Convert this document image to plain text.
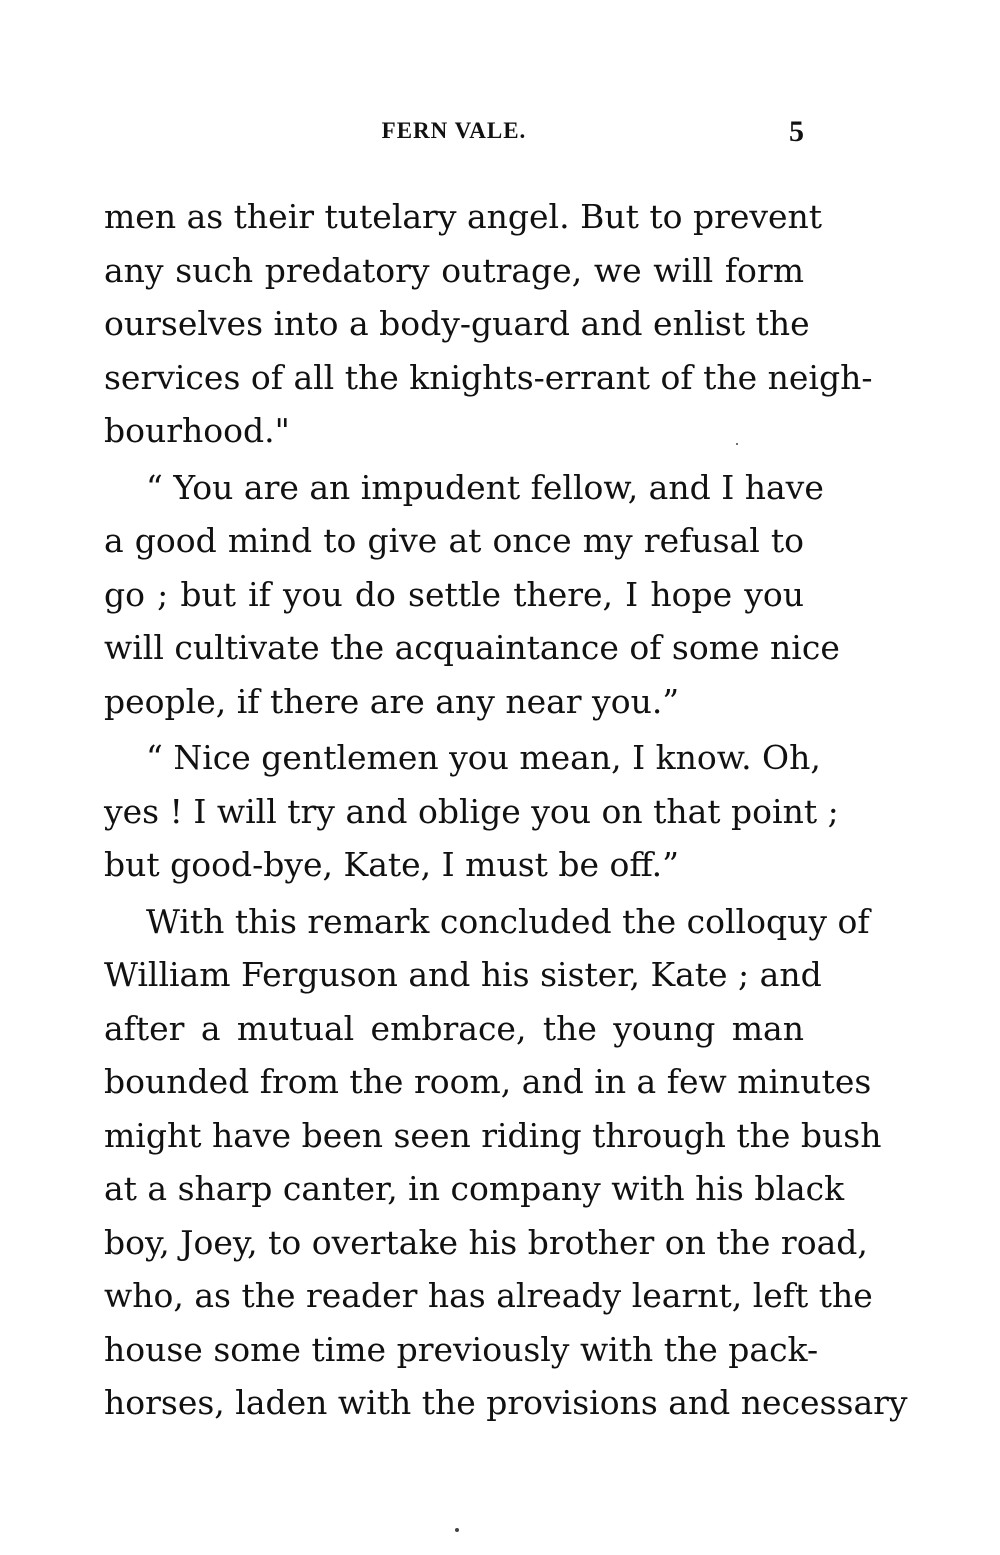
FERN VALE.	5
men as their tutelary angel. But to prevent
any such predatory outrage, we will form
ourselves into a body-guard and enlist the
services of all the knights-errant of the neigh-
bourhood."
“ You are an impudent fellow, and I have
a good mind to give at once my refusal to
go ; but if you do settle there, I hope you
will cultivate the acquaintance of some nice
people, if there are any near you.”
“ Nice gentlemen you mean, I know. Oh,
yes ! I will try and oblige you on that point ;
but good-bye, Kate, I must be off.”
With this remark concluded the colloquy of
William Ferguson and his sister, Kate ; and
after a mutual embrace, the young man
bounded from the room, and in a few minutes
might have been seen riding through the bush
at a sharp canter, in company with his black
boy, Joey, to overtake his brother on the road,
who, as the reader has already learnt, left the
house some time previously with the pack-
horses, laden with the provisions and necessary
